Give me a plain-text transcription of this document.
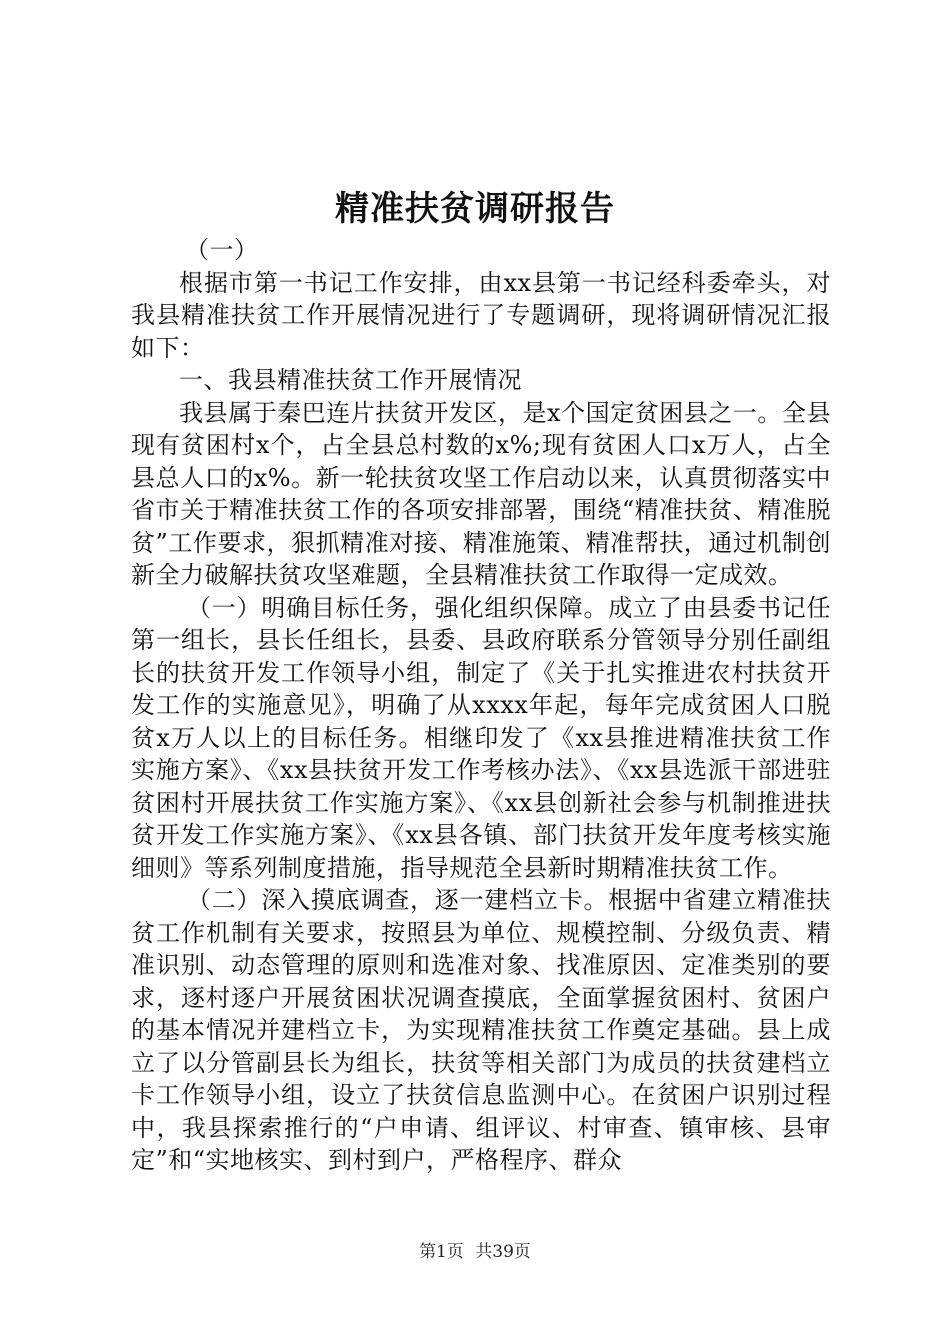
精准扶贫调研报告

（一）

根据市第一书记工作安排，由xx县第一书记经科委牵头，对我县精准扶贫工作开展情况进行了专题调研，现将调研情况汇报如下：

一、我县精准扶贫工作开展情况

我县属于秦巴连片扶贫开发区，是x个国定贫困县之一。全县现有贫困村x个，占全县总村数的x%;现有贫困人口x万人，占全县总人口的x%。新一轮扶贫攻坚工作启动以来，认真贯彻落实中省市关于精准扶贫工作的各项安排部署，围绕“精准扶贫、精准脱贫”工作要求，狠抓精准对接、精准施策、精准帮扶，通过机制创新全力破解扶贫攻坚难题，全县精准扶贫工作取得一定成效。

（一）明确目标任务，强化组织保障。成立了由县委书记任第一组长，县长任组长，县委、县政府联系分管领导分别任副组长的扶贫开发工作领导小组，制定了《关于扎实推进农村扶贫开发工作的实施意见》，明确了从xxxx年起，每年完成贫困人口脱贫x万人以上的目标任务。相继印发了《xx县推进精准扶贫工作实施方案》、《xx县扶贫开发工作考核办法》、《xx县选派干部进驻贫困村开展扶贫工作实施方案》、《xx县创新社会参与机制推进扶贫开发工作实施方案》、《xx县各镇、部门扶贫开发年度考核实施细则》等系列制度措施，指导规范全县新时期精准扶贫工作。

（二）深入摸底调查，逐一建档立卡。根据中省建立精准扶贫工作机制有关要求，按照县为单位、规模控制、分级负责、精准识别、动态管理的原则和选准对象、找准原因、定准类别的要求，逐村逐户开展贫困状况调查摸底，全面掌握贫困村、贫困户的基本情况并建档立卡，为实现精准扶贫工作奠定基础。县上成立了以分管副县长为组长，扶贫等相关部门为成员的扶贫建档立卡工作领导小组，设立了扶贫信息监测中心。在贫困户识别过程中，我县探索推行的“户申请、组评议、村审查、镇审核、县审定”和“实地核实、到村到户，严格程序、群众

第1页 共39页
